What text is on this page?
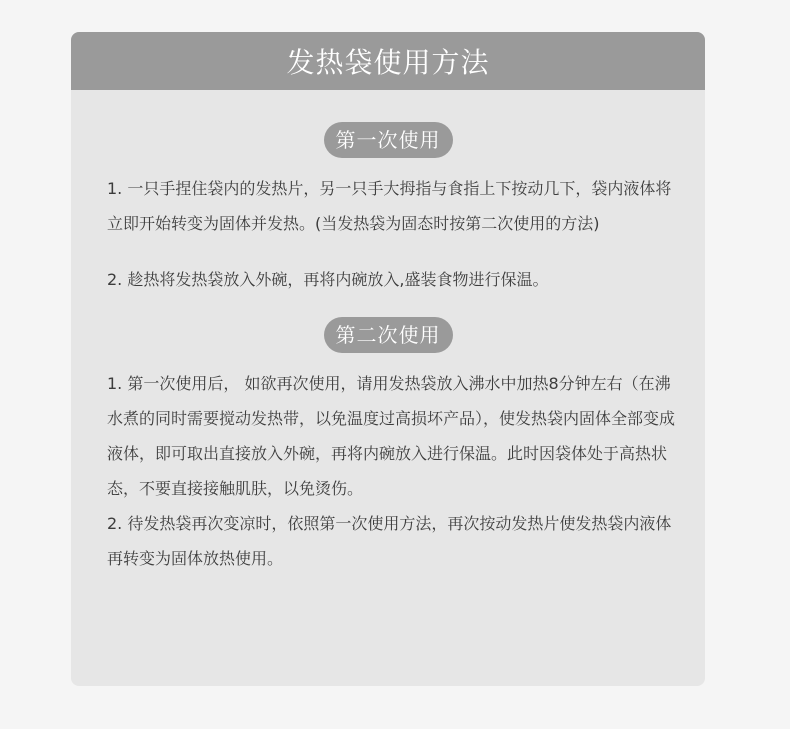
发热袋使用方法
第一次使用

1. 一只手捏住袋内的发热片，另一只手大拇指与食指上下按动几下，袋内液体将立即开始转变为固体并发热。(当发热袋为固态时按第二次使用的方法)

2. 趁热将发热袋放入外碗，再将内碗放入,盛装食物进行保温。

第二次使用

1. 第一次使用后， 如欲再次使用，请用发热袋放入沸水中加热8分钟左右（在沸水煮的同时需要搅动发热带，以免温度过高损坏产品），使发热袋内固体全部变成液体，即可取出直接放入外碗，再将内碗放入进行保温。此时因袋体处于高热状态，不要直接接触肌肤，以免烫伤。

2. 待发热袋再次变凉时，依照第一次使用方法，再次按动发热片使发热袋内液体再转变为固体放热使用。
